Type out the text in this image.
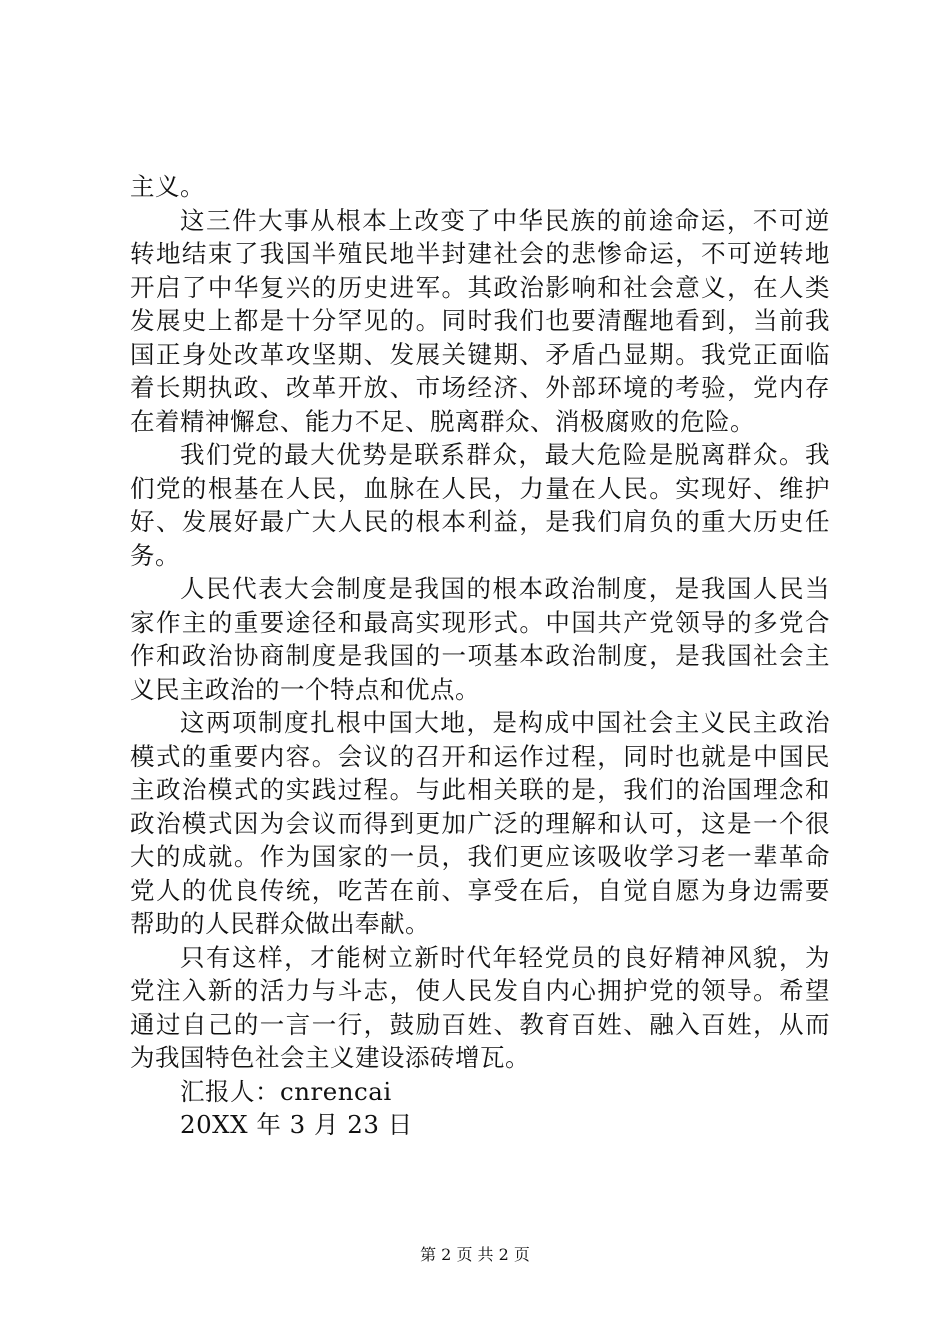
主义。
这三件大事从根本上改变了中华民族的前途命运，不可逆
转地结束了我国半殖民地半封建社会的悲惨命运，不可逆转地
开启了中华复兴的历史进军。其政治影响和社会意义，在人类
发展史上都是十分罕见的。同时我们也要清醒地看到，当前我
国正身处改革攻坚期、发展关键期、矛盾凸显期。我党正面临
着长期执政、改革开放、市场经济、外部环境的考验，党内存
在着精神懈怠、能力不足、脱离群众、消极腐败的危险。
我们党的最大优势是联系群众，最大危险是脱离群众。我
们党的根基在人民，血脉在人民，力量在人民。实现好、维护
好、发展好最广大人民的根本利益，是我们肩负的重大历史任
务。
人民代表大会制度是我国的根本政治制度，是我国人民当
家作主的重要途径和最高实现形式。中国共产党领导的多党合
作和政治协商制度是我国的一项基本政治制度，是我国社会主
义民主政治的一个特点和优点。
这两项制度扎根中国大地，是构成中国社会主义民主政治
模式的重要内容。会议的召开和运作过程，同时也就是中国民
主政治模式的实践过程。与此相关联的是，我们的治国理念和
政治模式因为会议而得到更加广泛的理解和认可，这是一个很
大的成就。作为国家的一员，我们更应该吸收学习老一辈革命
党人的优良传统，吃苦在前、享受在后，自觉自愿为身边需要
帮助的人民群众做出奉献。
只有这样，才能树立新时代年轻党员的良好精神风貌，为
党注入新的活力与斗志，使人民发自内心拥护党的领导。希望
通过自己的一言一行，鼓励百姓、教育百姓、融入百姓，从而
为我国特色社会主义建设添砖增瓦。
汇报人：cnrencai
20XX 年 3 月 23 日
第 2 页 共 2 页
